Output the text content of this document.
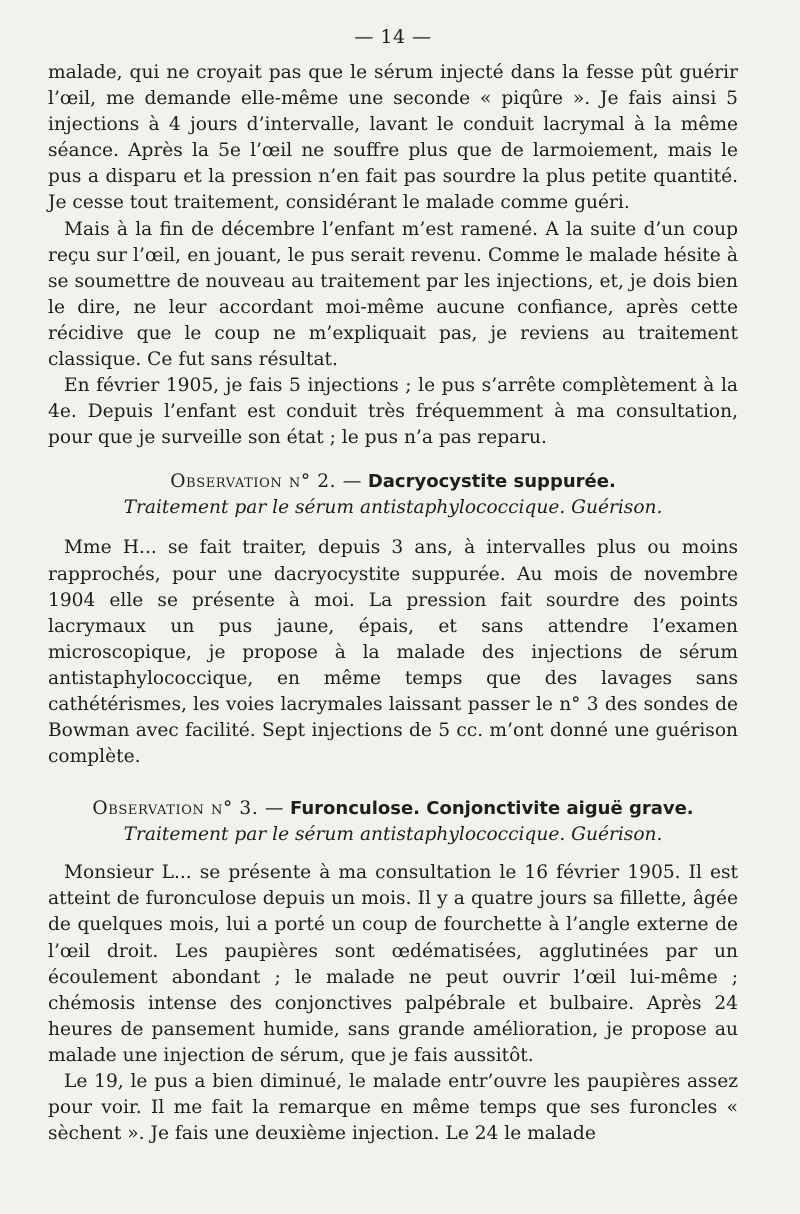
— 14 —

malade, qui ne croyait pas que le sérum injecté dans la fesse pût guérir l’œil, me demande elle-même une seconde « piqûre ». Je fais ainsi 5 injections à 4 jours d’intervalle, lavant le conduit lacrymal à la même séance. Après la 5e l’œil ne souffre plus que de larmoiement, mais le pus a disparu et la pression n’en fait pas sourdre la plus petite quantité. Je cesse tout traitement, considérant le malade comme guéri.

Mais à la fin de décembre l’enfant m’est ramené. A la suite d’un coup reçu sur l’œil, en jouant, le pus serait revenu. Comme le malade hésite à se soumettre de nouveau au traitement par les injections, et, je dois bien le dire, ne leur accordant moi-même aucune confiance, après cette récidive que le coup ne m’expliquait pas, je reviens au traitement classique. Ce fut sans résultat.

En février 1905, je fais 5 injections ; le pus s’arrête complètement à la 4e. Depuis l’enfant est conduit très fréquemment à ma consultation, pour que je surveille son état ; le pus n’a pas reparu.

Observation n° 2. — Dacryocystite suppurée.
Traitement par le sérum antistaphylococcique. Guérison.

Mme H... se fait traiter, depuis 3 ans, à intervalles plus ou moins rapprochés, pour une dacryocystite suppurée. Au mois de novembre 1904 elle se présente à moi. La pression fait sourdre des points lacrymaux un pus jaune, épais, et sans attendre l’examen microscopique, je propose à la malade des injections de sérum antistaphylococcique, en même temps que des lavages sans cathétérismes, les voies lacrymales laissant passer le n° 3 des sondes de Bowman avec facilité. Sept injections de 5 cc. m’ont donné une guérison complète.

Observation n° 3. — Furonculose. Conjonctivite aiguë grave.
Traitement par le sérum antistaphylococcique. Guérison.

Monsieur L... se présente à ma consultation le 16 février 1905. Il est atteint de furonculose depuis un mois. Il y a quatre jours sa fillette, âgée de quelques mois, lui a porté un coup de fourchette à l’angle externe de l’œil droit. Les paupières sont œdématisées, agglutinées par un écoulement abondant ; le malade ne peut ouvrir l’œil lui-même ; chémosis intense des conjonctives palpébrale et bulbaire. Après 24 heures de pansement humide, sans grande amélioration, je propose au malade une injection de sérum, que je fais aussitôt.

Le 19, le pus a bien diminué, le malade entr’ouvre les paupières assez pour voir. Il me fait la remarque en même temps que ses furoncles « sèchent ». Je fais une deuxième injection. Le 24 le malade
